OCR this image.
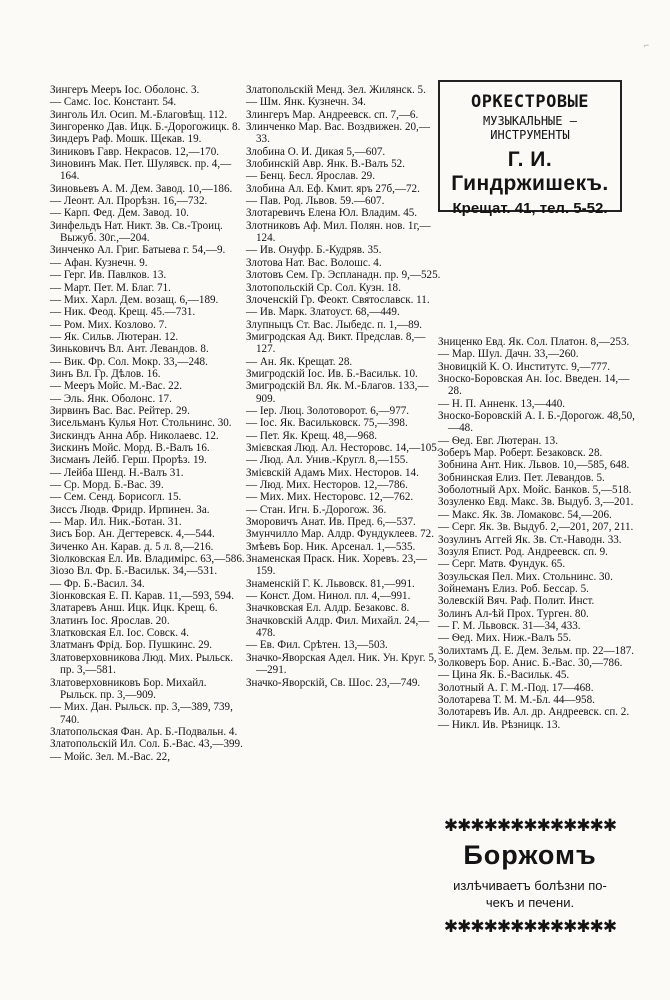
⌐
Зингеръ Мееръ Іос. Оболонс. 3.
— Самс. Іос. Констант. 54.
Зинголь Ил. Осип. М.-Благовѣщ. 112.
Зингоренко Дав. Ицк. Б.-Дорогожицк. 8.
Зиндеръ Раф. Мошк. Щекав. 19.
Зиниковъ Гавр. Некрасов. 12,—170.
Зиновинъ Мак. Пет. Шулявск. пр. 4,—164.
Зиновьевъ А. М. Дем. Завод. 10,—186.
— Леонт. Ал. Прорѣзн. 16,—732.
— Карп. Фед. Дем. Завод. 10.
Зинфельдъ Нат. Никт. Зв. Св.-Троиц. Выжуб. 30г.,—204.
Зинченко Ал. Григ. Батыева г. 54,—9.
— Афан. Кузнечн. 9.
— Герг. Ив. Павлков. 13.
— Март. Пет. М. Благ. 71.
— Мих. Харл. Дем. возащ. 6,—189.
— Ник. Феод. Крещ. 45.—731.
— Ром. Мих. Козлово. 7.
— Як. Сильв. Лютеран. 12.
Зиньковичъ Вл. Ант. Левандов. 8.
— Вик. Фр. Сол. Мокр. 33,—248.
Зинъ Вл. Гр. Дѣлов. 16.
— Мееръ Мойс. М.-Вас. 22.
— Эль. Янк. Оболонс. 17.
Зирвинъ Вас. Вас. Рейтер. 29.
Зисельманъ Кулья Нот. Стольнинс. 30.
Зискиндъ Анна Абр. Николаевс. 12.
Зискинъ Мойс. Морд. В.-Валъ 16.
Зисманъ Лейб. Герш. Прорѣз. 19.
— Лейба Шенд. Н.-Валъ 31.
— Ср. Морд. Б.-Вас. 39.
— Сем. Сенд. Борисогл. 15.
Зиссъ Людв. Фридр. Ирпинен. За.
— Мар. Ил. Ник.-Ботан. 31.
Зисъ Бор. Ан. Дегтеревск. 4,—544.
Зиченко Ан. Карав. д. 5 л. 8,—216.
Зіолковская Ел. Ив. Владимірс. 63,—586.
Зіозо Вл. Фр. Б.-Васильк. 34,—531.
— Фр. Б.-Васил. 34.
Зіонковская Е. П. Карав. 11,—593, 594.
Златаревъ Анш. Ицк. Ицк. Крещ. 6.
Златинъ Іос. Ярослав. 20.
Златковская Ел. Іос. Совск. 4.
Златманъ Фрід. Бор. Пушкинс. 29.
Златоверховникова Люд. Мих. Рыльск. пр. 3,—581.
Златоверховниковъ Бор. Михайл. Рыльск. пр. 3,—909.
— Мих. Дан. Рыльск. пр. 3,—389, 739, 740.
Златопольская Фан. Ар. Б.-Подвальн. 4.
Златопольскій Ил. Сол. Б.-Вас. 43,—399.
— Мойс. Зел. М.-Вас. 22,
Златопольскій Менд. Зел. Жилянск. 5.
— Шм. Янк. Кузнечн. 34.
Злингеръ Мар. Андреевск. сп. 7,—6.
Злинченко Мар. Вас. Воздвижен. 20,—33.
Злобина О. И. Дикая 5,—607.
Злобинскій Авр. Янк. В.-Валъ 52.
— Бенц. Бесл. Ярослав. 29.
Злобина Ал. Еф. Кмит. яръ 27б,—72.
— Пав. Род. Львов. 59.—607.
Злотаревичъ Елена Юл. Владим. 45.
Злотниковъ Аф. Мил. Полян. нов. 1г,—124.
— Ив. Онуфр. Б.-Кудряв. 35.
Злотова Нат. Вас. Волошс. 4.
Злотовъ Сем. Гр. Эспланадн. пр. 9,—525.
Злотопольскій Ср. Сол. Кузн. 18.
Злоченскій Гр. Феокт. Святославск. 11.
— Ив. Марк. Златоуст. 68,—449.
Злупныцъ Ст. Вас. Лыбедс. п. 1,—89.
Змигродская Ад. Викт. Предслав. 8,—127.
— Ан. Як. Крещат. 28.
Змигродскій Іос. Ив. Б.-Васильк. 10.
Змигродскій Вл. Як. М.-Благов. 133,—909.
— Іер. Люц. Золотоворот. 6,—977.
— Іос. Як. Васильковск. 75,—398.
— Пет. Як. Крещ. 48,—968.
Змієвская Люд. Ал. Несторовс. 14,—105.
— Люд. Ал. Унив.-Кругл. 8,—155.
Змієвскій Адамъ Мих. Несторов. 14.
— Люд. Мих. Несторов. 12,—786.
— Мих. Мих. Несторовс. 12,—762.
— Стан. Игн. Б.-Дорогож. 36.
Зморовичъ Анат. Ив. Пред. 6,—537.
Змунчилло Мар. Алдр. Фундуклеев. 72.
Змѣевъ Бор. Ник. Арсенал. 1,—535.
Знаменская Праск. Ник. Хоревъ. 23,—159.
Знаменскій Г. К. Львовск. 81,—991.
— Конст. Дом. Нинол. пл. 4,—991.
Значковская Ел. Алдр. Безаковс. 8.
Значковскій Алдр. Фил. Михайл. 24,—478.
— Ев. Фил. Срѣтен. 13,—503.
Значко-Яворская Адел. Ник. Ун. Круг. 5,—291.
Значко-Яворскій, Св. Шос. 23,—749.
ОРКЕСТРОВЫЕ
МУЗЫКАЛЬНЫЕ — ИНСТРУМЕНТЫ
Г. И. Гиндржишекъ.
Крещат. 41, тел. 5-52.
Зниценко Евд. Як. Сол. Платон. 8,—253.
— Мар. Шул. Дачн. 33,—260.
Зновицкій К. О. Институтс. 9,—777.
Зноско-Боровская Ан. Іос. Введен. 14,—28.
— Н. П. Анненк. 13,—440.
Зноско-Боровскій А. І. Б.-Дорогож. 48,50,—48.
— Ѳед. Евг. Лютеран. 13.
Зоберъ Мар. Роберт. Безаковск. 28.
Зобнина Ант. Ник. Львов. 10,—585, 648.
Зобнинская Елиз. Пет. Левандов. 5.
Зоболотный Арх. Мойс. Банков. 5,—518.
Зозуленко Евд. Макс. Зв. Выдуб. 3,—201.
— Макс. Як. Зв. Ломаковс. 54,—206.
— Серг. Як. Зв. Выдуб. 2,—201, 207, 211.
Зозулинъ Аггей Як. Зв. Ст.-Наводн. 33.
Зозуля Епист. Род. Андреевск. сп. 9.
— Серг. Матв. Фундук. 65.
Зозульская Пел. Мих. Стольнинс. 30.
Зойнеманъ Елиз. Роб. Бессар. 5.
Золевскій Вяч. Раф. Полит. Инст.
Золинъ Ал-ѣй Прох. Турген. 80.
— Г. М. Львовск. 31—34, 433.
— Ѳед. Мих. Ниж.-Валъ 55.
Золихтамъ Д. Е. Дем. Зельм. пр. 22—187.
Золковеръ Бор. Анис. Б.-Вас. 30,—786.
— Цина Як. Б.-Васильк. 45.
Золотный А. Г. М.-Под. 17—468.
Золотарева Т. М. М.-Бл. 44—958.
Золотаревъ Ив. Ал. др. Андреевск. сп. 2.
— Никл. Ив. Рѣзницк. 13.
✱✱✱✱✱✱✱✱✱✱✱✱✱
Боржомъ
излѣчиваетъ болѣзни по-
чекъ и печени.
✱✱✱✱✱✱✱✱✱✱✱✱✱
